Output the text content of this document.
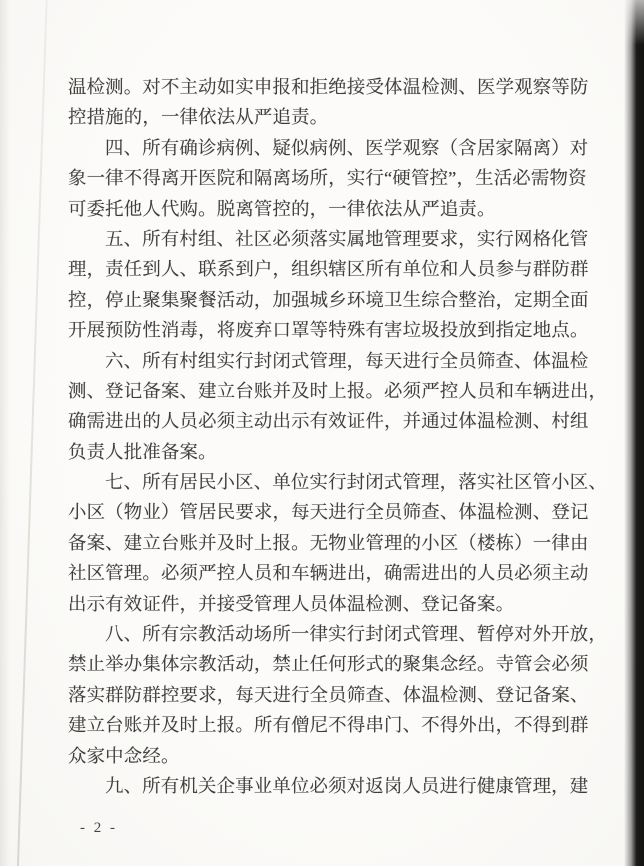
温检测。对不主动如实申报和拒绝接受体温检测、医学观察等防
控措施的，一律依法从严追责。
四、所有确诊病例、疑似病例、医学观察（含居家隔离）对
象一律不得离开医院和隔离场所，实行“硬管控”，生活必需物资
可委托他人代购。脱离管控的，一律依法从严追责。
五、所有村组、社区必须落实属地管理要求，实行网格化管
理，责任到人、联系到户，组织辖区所有单位和人员参与群防群
控，停止聚集聚餐活动，加强城乡环境卫生综合整治，定期全面
开展预防性消毒，将废弃口罩等特殊有害垃圾投放到指定地点。
六、所有村组实行封闭式管理，每天进行全员筛查、体温检
测、登记备案、建立台账并及时上报。必须严控人员和车辆进出，
确需进出的人员必须主动出示有效证件，并通过体温检测、村组
负责人批准备案。
七、所有居民小区、单位实行封闭式管理，落实社区管小区、
小区（物业）管居民要求，每天进行全员筛查、体温检测、登记
备案、建立台账并及时上报。无物业管理的小区（楼栋）一律由
社区管理。必须严控人员和车辆进出，确需进出的人员必须主动
出示有效证件，并接受管理人员体温检测、登记备案。
八、所有宗教活动场所一律实行封闭式管理、暂停对外开放，
禁止举办集体宗教活动，禁止任何形式的聚集念经。寺管会必须
落实群防群控要求，每天进行全员筛查、体温检测、登记备案、
建立台账并及时上报。所有僧尼不得串门、不得外出，不得到群
众家中念经。
九、所有机关企事业单位必须对返岗人员进行健康管理，建
- 2 -
